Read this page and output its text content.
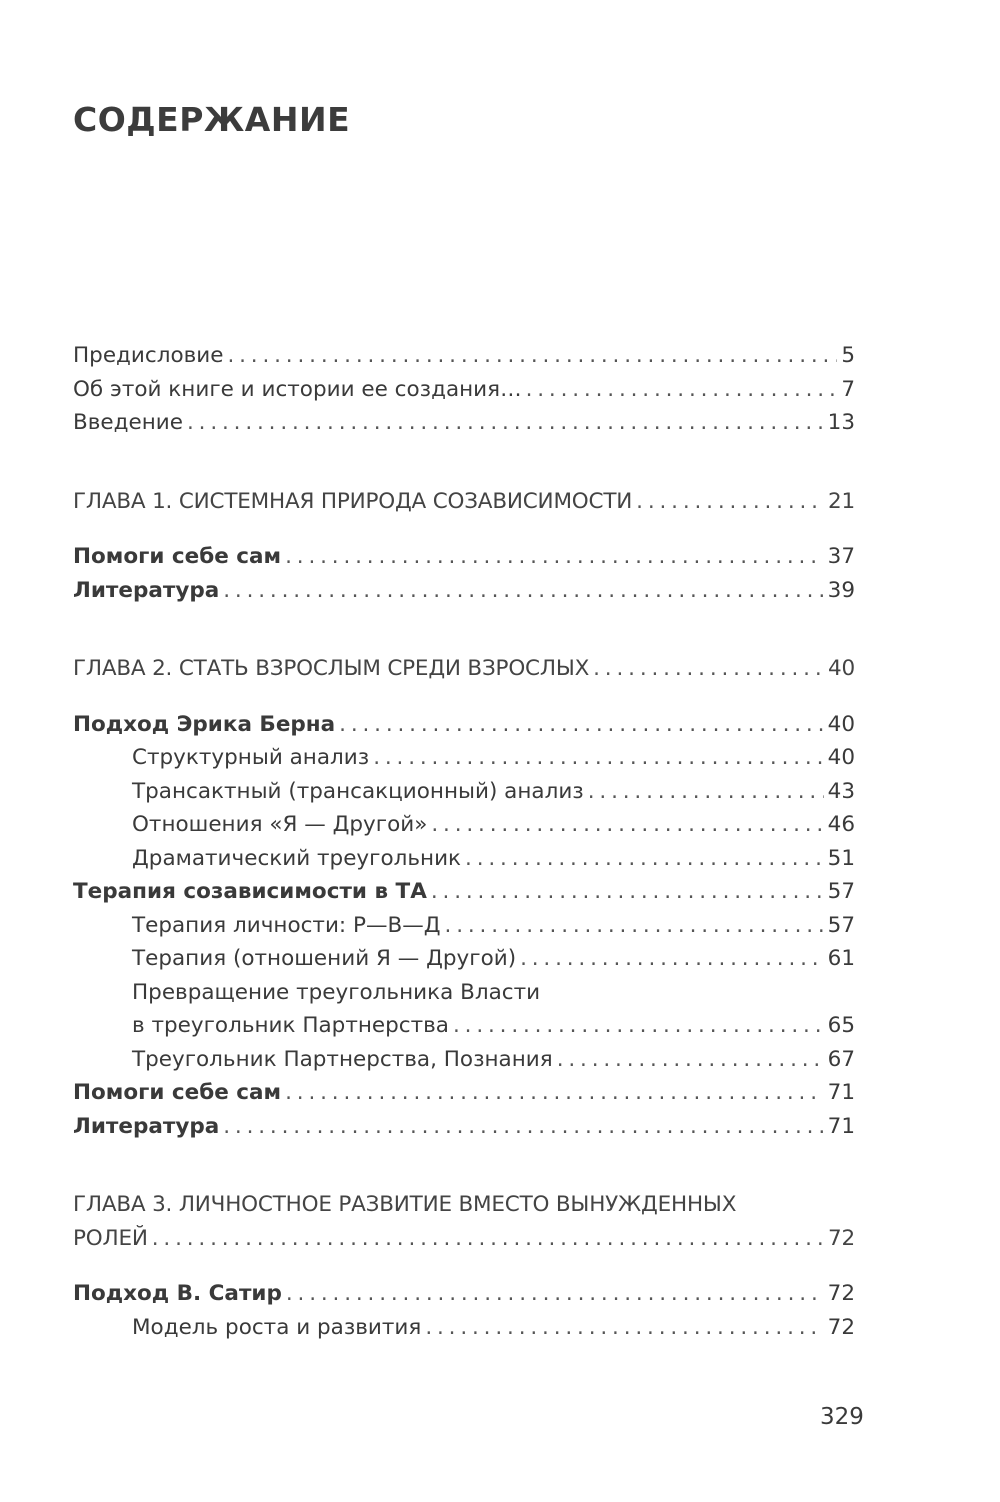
СОДЕРЖАНИЕ
Предисловие . . .	5
Об этой книге и истории ее создания… . . .	7
Введение . . .	13
ГЛАВА 1. СИСТЕМНАЯ ПРИРОДА СОЗАВИСИМОСТИ . . .	21
Помоги себе сам . . .	37
Литература . . .	39
ГЛАВА 2. СТАТЬ ВЗРОСЛЫМ СРЕДИ ВЗРОСЛЫХ . . .	40
Подход Эрика Берна . . .	40
Структурный анализ . . .	40
Трансактный (трансакционный) анализ . . .	43
Отношения «Я — Другой» . . .	46
Драматический треугольник . . .	51
Терапия созависимости в ТА . . .	57
Терапия личности: Р—В—Д . . .	57
Терапия (отношений Я — Другой) . . .	61
Превращение треугольника Власти
в треугольник Партнерства . . .	65
Треугольник Партнерства, Познания . . .	67
Помоги себе сам . . .	71
Литература . . .	71
ГЛАВА 3. ЛИЧНОСТНОЕ РАЗВИТИЕ ВМЕСТО ВЫНУЖДЕННЫХ
РОЛЕЙ . . .	72
Подход В. Сатир . . .	72
Модель роста и развития . . .	72
329
